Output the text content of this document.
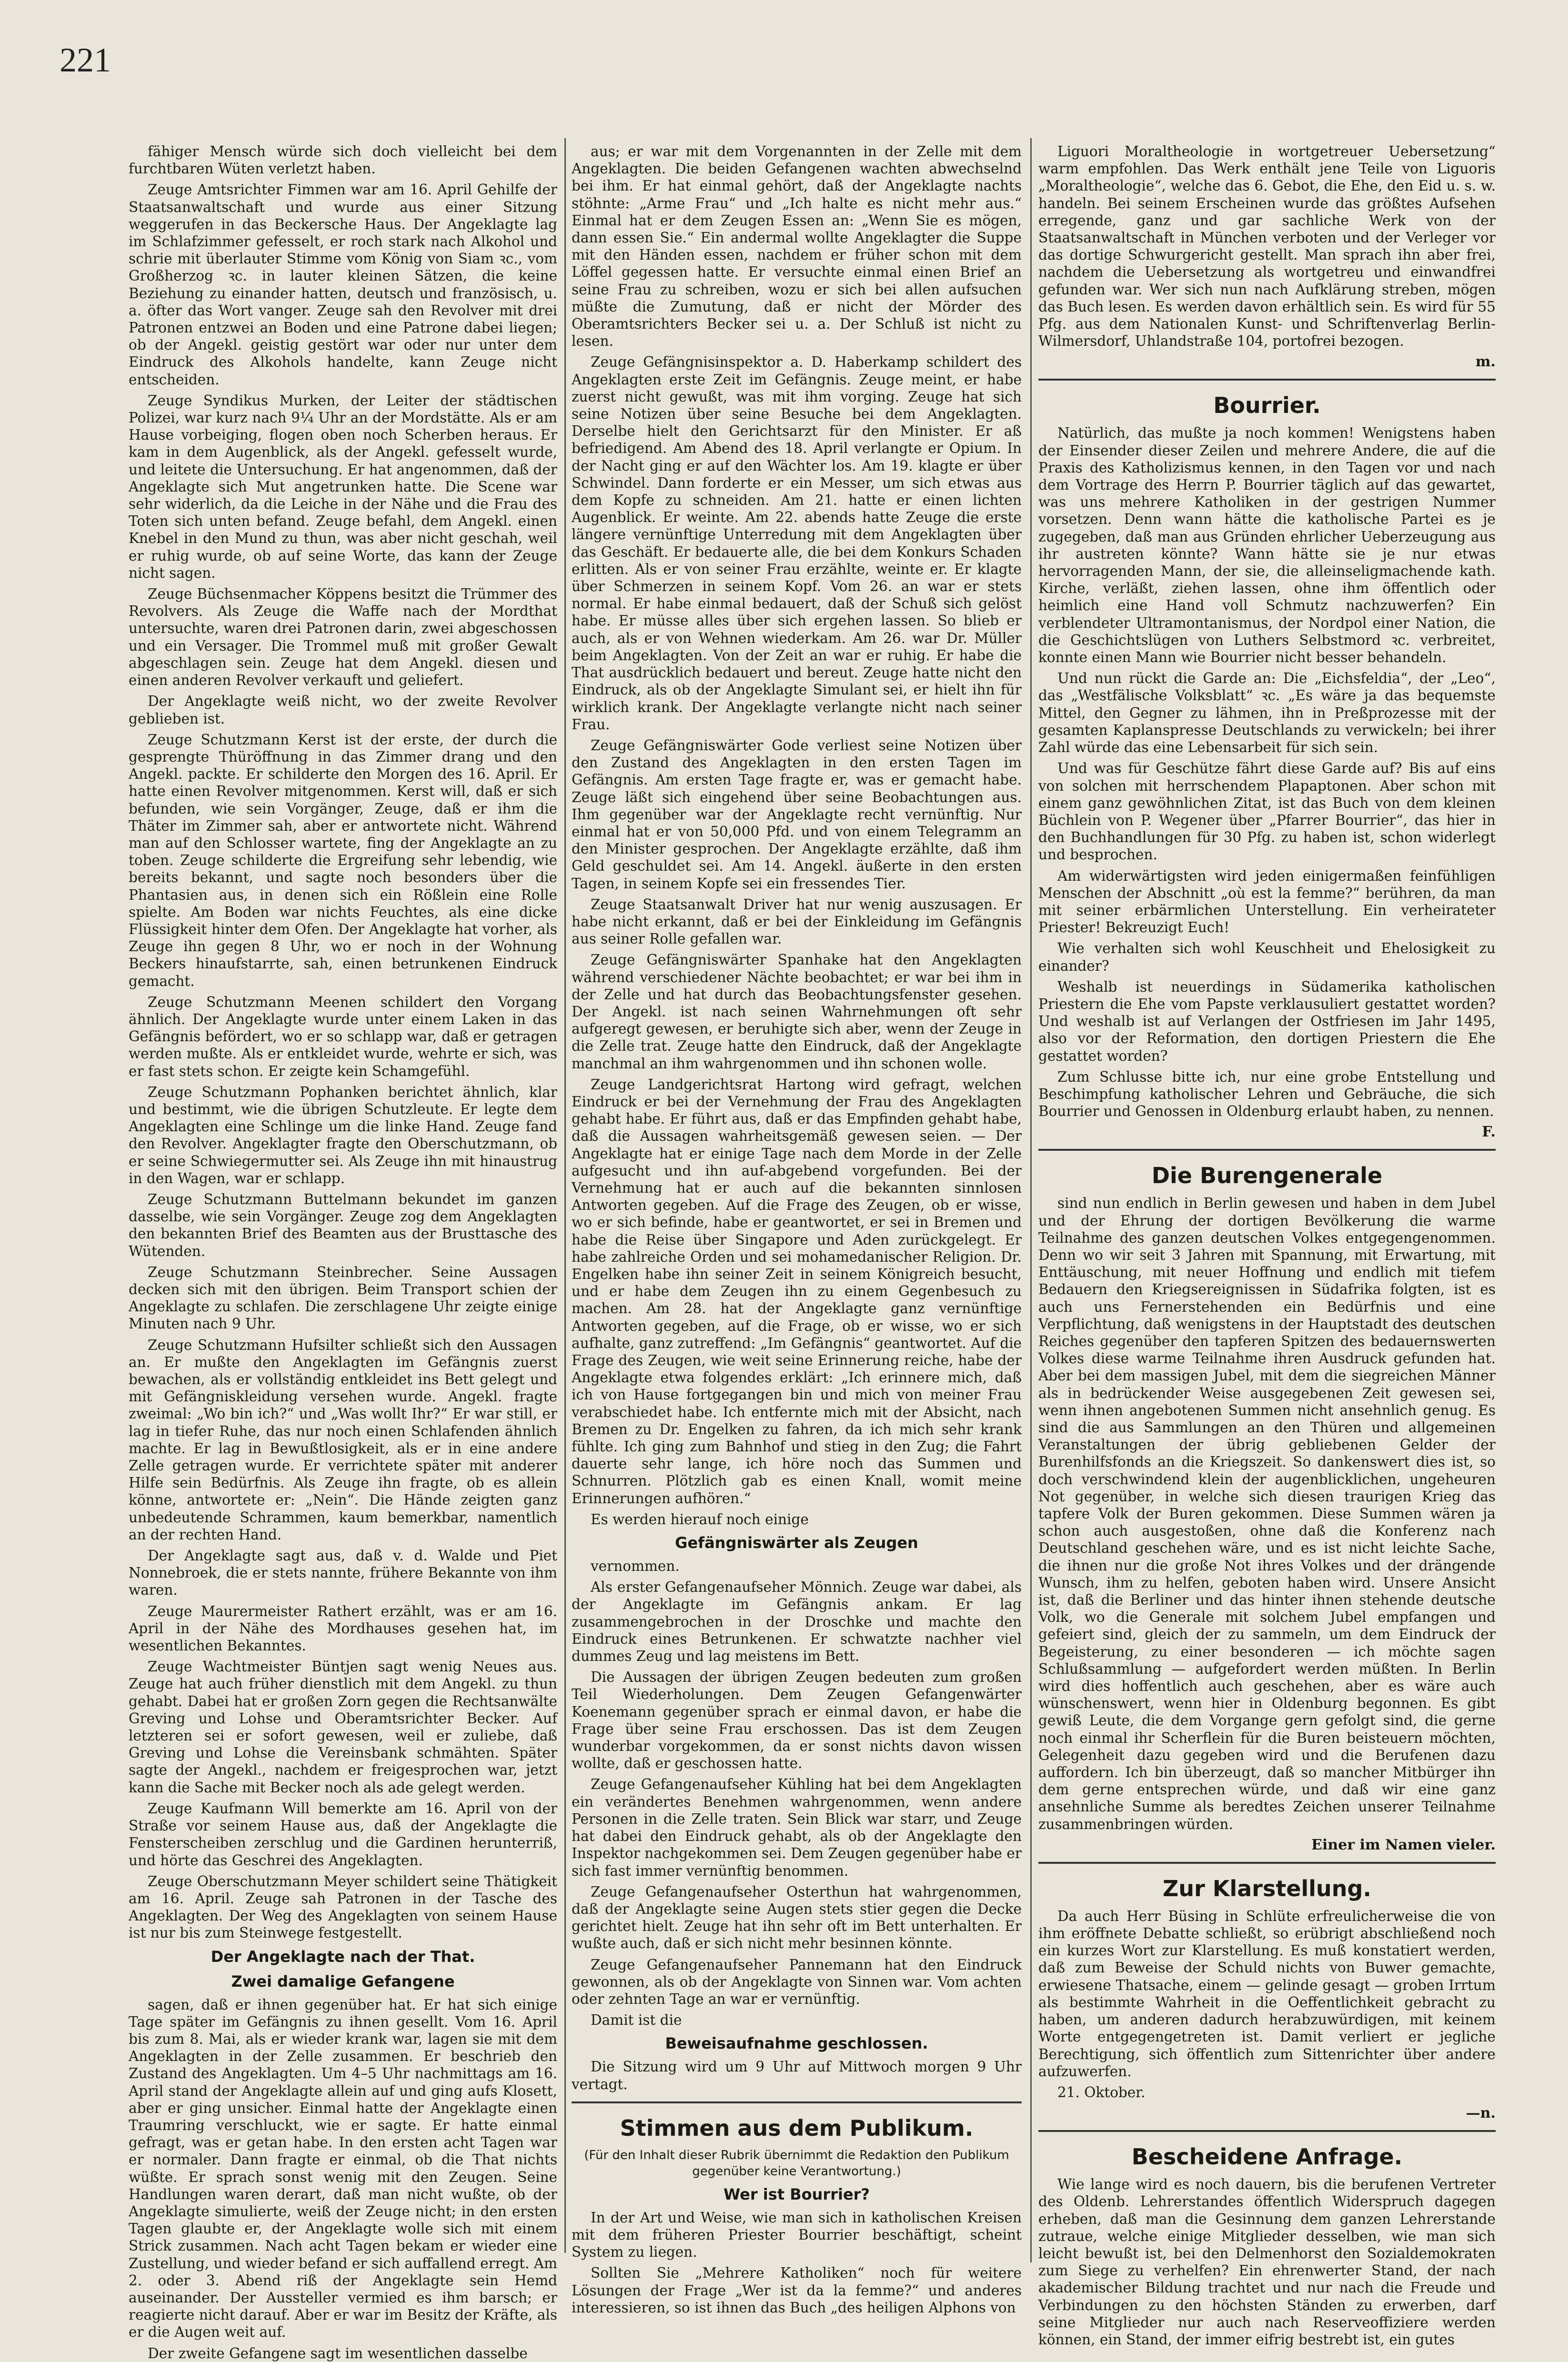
221

fähiger Mensch würde sich doch vielleicht bei dem furchtbaren Wüten verletzt haben.

Zeuge Amtsrichter Fimmen war am 16. April Gehilfe der Staatsanwaltschaft und wurde aus einer Sitzung weggerufen in das Beckersche Haus. Der Angeklagte lag im Schlafzimmer gefesselt, er roch stark nach Alkohol und schrie mit überlauter Stimme vom König von Siam ꝛc., vom Großherzog ꝛc. in lauter kleinen Sätzen, die keine Beziehung zu einander hatten, deutsch und französisch, u. a. öfter das Wort vanger. Zeuge sah den Revolver mit drei Patronen entzwei an Boden und eine Patrone dabei liegen; ob der Angekl. geistig gestört war oder nur unter dem Eindruck des Alkohols handelte, kann Zeuge nicht entscheiden.

Zeuge Syndikus Murken, der Leiter der städtischen Polizei, war kurz nach 9¼ Uhr an der Mordstätte. Als er am Hause vorbeiging, flogen oben noch Scherben heraus. Er kam in dem Augenblick, als der Angekl. gefesselt wurde, und leitete die Untersuchung. Er hat angenommen, daß der Angeklagte sich Mut angetrunken hatte. Die Scene war sehr widerlich, da die Leiche in der Nähe und die Frau des Toten sich unten befand. Zeuge befahl, dem Angekl. einen Knebel in den Mund zu thun, was aber nicht geschah, weil er ruhig wurde, ob auf seine Worte, das kann der Zeuge nicht sagen.

Zeuge Büchsenmacher Köppens besitzt die Trümmer des Revolvers. Als Zeuge die Waffe nach der Mordthat untersuchte, waren drei Patronen darin, zwei abgeschossen und ein Versager. Die Trommel muß mit großer Gewalt abgeschlagen sein. Zeuge hat dem Angekl. diesen und einen anderen Revolver verkauft und geliefert.

Der Angeklagte weiß nicht, wo der zweite Revolver geblieben ist.

Zeuge Schutzmann Kerst ist der erste, der durch die gesprengte Thüröffnung in das Zimmer drang und den Angekl. packte. Er schilderte den Morgen des 16. April. Er hatte einen Revolver mitgenommen. Kerst will, daß er sich befunden, wie sein Vorgänger, Zeuge, daß er ihm die Thäter im Zimmer sah, aber er antwortete nicht. Während man auf den Schlosser wartete, fing der Angeklagte an zu toben. Zeuge schilderte die Ergreifung sehr lebendig, wie bereits bekannt, und sagte noch besonders über die Phantasien aus, in denen sich ein Rößlein eine Rolle spielte. Am Boden war nichts Feuchtes, als eine dicke Flüssigkeit hinter dem Ofen. Der Angeklagte hat vorher, als Zeuge ihn gegen 8 Uhr, wo er noch in der Wohnung Beckers hinaufstarrte, sah, einen betrunkenen Eindruck gemacht.

Zeuge Schutzmann Meenen schildert den Vorgang ähnlich. Der Angeklagte wurde unter einem Laken in das Gefängnis befördert, wo er so schlapp war, daß er getragen werden mußte. Als er entkleidet wurde, wehrte er sich, was er fast stets schon. Er zeigte kein Schamgefühl.

Zeuge Schutzmann Pophanken berichtet ähnlich, klar und bestimmt, wie die übrigen Schutzleute. Er legte dem Angeklagten eine Schlinge um die linke Hand. Zeuge fand den Revolver. Angeklagter fragte den Oberschutzmann, ob er seine Schwiegermutter sei. Als Zeuge ihn mit hinaustrug in den Wagen, war er schlapp.

Zeuge Schutzmann Buttelmann bekundet im ganzen dasselbe, wie sein Vorgänger. Zeuge zog dem Angeklagten den bekannten Brief des Beamten aus der Brusttasche des Wütenden.

Zeuge Schutzmann Steinbrecher. Seine Aussagen decken sich mit den übrigen. Beim Transport schien der Angeklagte zu schlafen. Die zerschlagene Uhr zeigte einige Minuten nach 9 Uhr.

Zeuge Schutzmann Hufsilter schließt sich den Aussagen an. Er mußte den Angeklagten im Gefängnis zuerst bewachen, als er vollständig entkleidet ins Bett gelegt und mit Gefängniskleidung versehen wurde. Angekl. fragte zweimal: „Wo bin ich?“ und „Was wollt Ihr?“ Er war still, er lag in tiefer Ruhe, das nur noch einen Schlafenden ähnlich machte. Er lag in Bewußtlosigkeit, als er in eine andere Zelle getragen wurde. Er verrichtete später mit anderer Hilfe sein Bedürfnis. Als Zeuge ihn fragte, ob es allein könne, antwortete er: „Nein“. Die Hände zeigten ganz unbedeutende Schrammen, kaum bemerkbar, namentlich an der rechten Hand.

Der Angeklagte sagt aus, daß v. d. Walde und Piet Nonnebroek, die er stets nannte, frühere Bekannte von ihm waren.

Zeuge Maurermeister Rathert erzählt, was er am 16. April in der Nähe des Mordhauses gesehen hat, im wesentlichen Bekanntes.

Zeuge Wachtmeister Büntjen sagt wenig Neues aus. Zeuge hat auch früher dienstlich mit dem Angekl. zu thun gehabt. Dabei hat er großen Zorn gegen die Rechtsanwälte Greving und Lohse und Oberamtsrichter Becker. Auf letzteren sei er sofort gewesen, weil er zuliebe, daß Greving und Lohse die Vereinsbank schmähten. Später sagte der Angekl., nachdem er freigesprochen war, jetzt kann die Sache mit Becker noch als ade gelegt werden.

Zeuge Kaufmann Will bemerkte am 16. April von der Straße vor seinem Hause aus, daß der Angeklagte die Fensterscheiben zerschlug und die Gardinen herunterriß, und hörte das Geschrei des Angeklagten.

Zeuge Oberschutzmann Meyer schildert seine Thätigkeit am 16. April. Zeuge sah Patronen in der Tasche des Angeklagten. Der Weg des Angeklagten von seinem Hause ist nur bis zum Steinwege festgestellt.

Der Angeklagte nach der That.
Zwei damalige Gefangene

sagen, daß er ihnen gegenüber hat. Er hat sich einige Tage später im Gefängnis zu ihnen gesellt. Vom 16. April bis zum 8. Mai, als er wieder krank war, lagen sie mit dem Angeklagten in der Zelle zusammen. Er beschrieb den Zustand des Angeklagten. Um 4–5 Uhr nachmittags am 16. April stand der Angeklagte allein auf und ging aufs Klosett, aber er ging unsicher. Einmal hatte der Angeklagte einen Traumring verschluckt, wie er sagte. Er hatte einmal gefragt, was er getan habe. In den ersten acht Tagen war er normaler. Dann fragte er einmal, ob die That nichts wüßte. Er sprach sonst wenig mit den Zeugen. Seine Handlungen waren derart, daß man nicht wußte, ob der Angeklagte simulierte, weiß der Zeuge nicht; in den ersten Tagen glaubte er, der Angeklagte wolle sich mit einem Strick zusammen. Nach acht Tagen bekam er wieder eine Zustellung, und wieder befand er sich auffallend erregt. Am 2. oder 3. Abend riß der Angeklagte sein Hemd auseinander. Der Aussteller vermied es ihm barsch; er reagierte nicht darauf. Aber er war im Besitz der Kräfte, als er die Augen weit auf.

Der zweite Gefangene sagt im wesentlichen dasselbe

aus; er war mit dem Vorgenannten in der Zelle mit dem Angeklagten. Die beiden Gefangenen wachten abwechselnd bei ihm. Er hat einmal gehört, daß der Angeklagte nachts stöhnte: „Arme Frau“ und „Ich halte es nicht mehr aus.“ Einmal hat er dem Zeugen Essen an: „Wenn Sie es mögen, dann essen Sie.“ Ein andermal wollte Angeklagter die Suppe mit den Händen essen, nachdem er früher schon mit dem Löffel gegessen hatte. Er versuchte einmal einen Brief an seine Frau zu schreiben, wozu er sich bei allen aufsuchen müßte die Zumutung, daß er nicht der Mörder des Oberamtsrichters Becker sei u. a. Der Schluß ist nicht zu lesen.

Zeuge Gefängnisinspektor a. D. Haberkamp schildert des Angeklagten erste Zeit im Gefängnis. Zeuge meint, er habe zuerst nicht gewußt, was mit ihm vorging. Zeuge hat sich seine Notizen über seine Besuche bei dem Angeklagten. Derselbe hielt den Gerichtsarzt für den Minister. Er aß befriedigend. Am Abend des 18. April verlangte er Opium. In der Nacht ging er auf den Wächter los. Am 19. klagte er über Schwindel. Dann forderte er ein Messer, um sich etwas aus dem Kopfe zu schneiden. Am 21. hatte er einen lichten Augenblick. Er weinte. Am 22. abends hatte Zeuge die erste längere vernünftige Unterredung mit dem Angeklagten über das Geschäft. Er bedauerte alle, die bei dem Konkurs Schaden erlitten. Als er von seiner Frau erzählte, weinte er. Er klagte über Schmerzen in seinem Kopf. Vom 26. an war er stets normal. Er habe einmal bedauert, daß der Schuß sich gelöst habe. Er müsse alles über sich ergehen lassen. So blieb er auch, als er von Wehnen wiederkam. Am 26. war Dr. Müller beim Angeklagten. Von der Zeit an war er ruhig. Er habe die That ausdrücklich bedauert und bereut. Zeuge hatte nicht den Eindruck, als ob der Angeklagte Simulant sei, er hielt ihn für wirklich krank. Der Angeklagte verlangte nicht nach seiner Frau.

Zeuge Gefängniswärter Gode verliest seine Notizen über den Zustand des Angeklagten in den ersten Tagen im Gefängnis. Am ersten Tage fragte er, was er gemacht habe. Zeuge läßt sich eingehend über seine Beobachtungen aus. Ihm gegenüber war der Angeklagte recht vernünftig. Nur einmal hat er von 50,000 Pfd. und von einem Telegramm an den Minister gesprochen. Der Angeklagte erzählte, daß ihm Geld geschuldet sei. Am 14. Angekl. äußerte in den ersten Tagen, in seinem Kopfe sei ein fressendes Tier.

Zeuge Staatsanwalt Driver hat nur wenig auszusagen. Er habe nicht erkannt, daß er bei der Einkleidung im Gefängnis aus seiner Rolle gefallen war.

Zeuge Gefängniswärter Spanhake hat den Angeklagten während verschiedener Nächte beobachtet; er war bei ihm in der Zelle und hat durch das Beobachtungsfenster gesehen. Der Angekl. ist nach seinen Wahrnehmungen oft sehr aufgeregt gewesen, er beruhigte sich aber, wenn der Zeuge in die Zelle trat. Zeuge hatte den Eindruck, daß der Angeklagte manchmal an ihm wahrgenommen und ihn schonen wolle.

Zeuge Landgerichtsrat Hartong wird gefragt, welchen Eindruck er bei der Vernehmung der Frau des Angeklagten gehabt habe. Er führt aus, daß er das Empfinden gehabt habe, daß die Aussagen wahrheitsgemäß gewesen seien. — Der Angeklagte hat er einige Tage nach dem Morde in der Zelle aufgesucht und ihn auf-abgebend vorgefunden. Bei der Vernehmung hat er auch auf die bekannten sinnlosen Antworten gegeben. Auf die Frage des Zeugen, ob er wisse, wo er sich befinde, habe er geantwortet, er sei in Bremen und habe die Reise über Singapore und Aden zurückgelegt. Er habe zahlreiche Orden und sei mohamedanischer Religion. Dr. Engelken habe ihn seiner Zeit in seinem Königreich besucht, und er habe dem Zeugen ihn zu einem Gegenbesuch zu machen. Am 28. hat der Angeklagte ganz vernünftige Antworten gegeben, auf die Frage, ob er wisse, wo er sich aufhalte, ganz zutreffend: „Im Gefängnis“ geantwortet. Auf die Frage des Zeugen, wie weit seine Erinnerung reiche, habe der Angeklagte etwa folgendes erklärt: „Ich erinnere mich, daß ich von Hause fortgegangen bin und mich von meiner Frau verabschiedet habe. Ich entfernte mich mit der Absicht, nach Bremen zu Dr. Engelken zu fahren, da ich mich sehr krank fühlte. Ich ging zum Bahnhof und stieg in den Zug; die Fahrt dauerte sehr lange, ich höre noch das Summen und Schnurren. Plötzlich gab es einen Knall, womit meine Erinnerungen aufhören.“

Es werden hierauf noch einige

Gefängniswärter als Zeugen

vernommen.

Als erster Gefangenaufseher Mönnich. Zeuge war dabei, als der Angeklagte im Gefängnis ankam. Er lag zusammengebrochen in der Droschke und machte den Eindruck eines Betrunkenen. Er schwatzte nachher viel dummes Zeug und lag meistens im Bett.

Die Aussagen der übrigen Zeugen bedeuten zum großen Teil Wiederholungen. Dem Zeugen Gefangenwärter Koenemann gegenüber sprach er einmal davon, er habe die Frage über seine Frau erschossen. Das ist dem Zeugen wunderbar vorgekommen, da er sonst nichts davon wissen wollte, daß er geschossen hatte.

Zeuge Gefangenaufseher Kühling hat bei dem Angeklagten ein verändertes Benehmen wahrgenommen, wenn andere Personen in die Zelle traten. Sein Blick war starr, und Zeuge hat dabei den Eindruck gehabt, als ob der Angeklagte den Inspektor nachgekommen sei. Dem Zeugen gegenüber habe er sich fast immer vernünftig benommen.

Zeuge Gefangenaufseher Osterthun hat wahrgenommen, daß der Angeklagte seine Augen stets stier gegen die Decke gerichtet hielt. Zeuge hat ihn sehr oft im Bett unterhalten. Er wußte auch, daß er sich nicht mehr besinnen könnte.

Zeuge Gefangenaufseher Pannemann hat den Eindruck gewonnen, als ob der Angeklagte von Sinnen war. Vom achten oder zehnten Tage an war er vernünftig.

Damit ist die

Beweisaufnahme geschlossen.

Die Sitzung wird um 9 Uhr auf Mittwoch morgen 9 Uhr vertagt.

Stimmen aus dem Publikum.
(Für den Inhalt dieser Rubrik übernimmt die Redaktion den Publikum gegenüber keine Verantwortung.)
Wer ist Bourrier?

In der Art und Weise, wie man sich in katholischen Kreisen mit dem früheren Priester Bourrier beschäftigt, scheint System zu liegen.

Sollten Sie „Mehrere Katholiken“ noch für weitere Lösungen der Frage „Wer ist da la femme?“ und anderes interessieren, so ist ihnen das Buch „des heiligen Alphons von

Liguori Moraltheologie in wortgetreuer Uebersetzung“ warm empfohlen. Das Werk enthält jene Teile von Liguoris „Moraltheologie“, welche das 6. Gebot, die Ehe, den Eid u. s. w. handeln. Bei seinem Erscheinen wurde das größtes Aufsehen erregende, ganz und gar sachliche Werk von der Staatsanwaltschaft in München verboten und der Verleger vor das dortige Schwurgericht gestellt. Man sprach ihn aber frei, nachdem die Uebersetzung als wortgetreu und einwandfrei gefunden war. Wer sich nun nach Aufklärung streben, mögen das Buch lesen. Es werden davon erhältlich sein. Es wird für 55 Pfg. aus dem Nationalen Kunst- und Schriftenverlag Berlin-Wilmersdorf, Uhlandstraße 104, portofrei bezogen.

m.
Bourrier.

Natürlich, das mußte ja noch kommen! Wenigstens haben der Einsender dieser Zeilen und mehrere Andere, die auf die Praxis des Katholizismus kennen, in den Tagen vor und nach dem Vortrage des Herrn P. Bourrier täglich auf das gewartet, was uns mehrere Katholiken in der gestrigen Nummer vorsetzen. Denn wann hätte die katholische Partei es je zugegeben, daß man aus Gründen ehrlicher Ueberzeugung aus ihr austreten könnte? Wann hätte sie je nur etwas hervorragenden Mann, der sie, die alleinseligmachende kath. Kirche, verläßt, ziehen lassen, ohne ihm öffentlich oder heimlich eine Hand voll Schmutz nachzuwerfen? Ein verblendeter Ultramontanismus, der Nordpol einer Nation, die die Geschichtslügen von Luthers Selbstmord ꝛc. verbreitet, konnte einen Mann wie Bourrier nicht besser behandeln.

Und nun rückt die Garde an: Die „Eichsfeldia“, der „Leo“, das „Westfälische Volksblatt“ ꝛc. „Es wäre ja das bequemste Mittel, den Gegner zu lähmen, ihn in Preßprozesse mit der gesamten Kaplanspresse Deutschlands zu verwickeln; bei ihrer Zahl würde das eine Lebensarbeit für sich sein.

Und was für Geschütze fährt diese Garde auf? Bis auf eins von solchen mit herrschendem Plapaptonen. Aber schon mit einem ganz gewöhnlichen Zitat, ist das Buch von dem kleinen Büchlein von P. Wegener über „Pfarrer Bourrier“, das hier in den Buchhandlungen für 30 Pfg. zu haben ist, schon widerlegt und besprochen.

Am widerwärtigsten wird jeden einigermaßen feinfühligen Menschen der Abschnitt „où est la femme?“ berühren, da man mit seiner erbärmlichen Unterstellung. Ein verheirateter Priester! Bekreuzigt Euch!

Wie verhalten sich wohl Keuschheit und Ehelosigkeit zu einander?

Weshalb ist neuerdings in Südamerika katholischen Priestern die Ehe vom Papste verklausuliert gestattet worden? Und weshalb ist auf Verlangen der Ostfriesen im Jahr 1495, also vor der Reformation, den dortigen Priestern die Ehe gestattet worden?

Zum Schlusse bitte ich, nur eine grobe Entstellung und Beschimpfung katholischer Lehren und Gebräuche, die sich Bourrier und Genossen in Oldenburg erlaubt haben, zu nennen.

F.
Die Burengenerale

sind nun endlich in Berlin gewesen und haben in dem Jubel und der Ehrung der dortigen Bevölkerung die warme Teilnahme des ganzen deutschen Volkes entgegengenommen. Denn wo wir seit 3 Jahren mit Spannung, mit Erwartung, mit Enttäuschung, mit neuer Hoffnung und endlich mit tiefem Bedauern den Kriegsereignissen in Südafrika folgten, ist es auch uns Fernerstehenden ein Bedürfnis und eine Verpflichtung, daß wenigstens in der Hauptstadt des deutschen Reiches gegenüber den tapferen Spitzen des bedauernswerten Volkes diese warme Teilnahme ihren Ausdruck gefunden hat. Aber bei dem massigen Jubel, mit dem die siegreichen Männer als in bedrückender Weise ausgegebenen Zeit gewesen sei, wenn ihnen angebotenen Summen nicht ansehnlich genug. Es sind die aus Sammlungen an den Thüren und allgemeinen Veranstaltungen der übrig gebliebenen Gelder der Burenhilfsfonds an die Kriegszeit. So dankenswert dies ist, so doch verschwindend klein der augenblicklichen, ungeheuren Not gegenüber, in welche sich diesen traurigen Krieg das tapfere Volk der Buren gekommen. Diese Summen wären ja schon auch ausgestoßen, ohne daß die Konferenz nach Deutschland geschehen wäre, und es ist nicht leichte Sache, die ihnen nur die große Not ihres Volkes und der drängende Wunsch, ihm zu helfen, geboten haben wird. Unsere Ansicht ist, daß die Berliner und das hinter ihnen stehende deutsche Volk, wo die Generale mit solchem Jubel empfangen und gefeiert sind, gleich der zu sammeln, um dem Eindruck der Begeisterung, zu einer besonderen — ich möchte sagen Schlußsammlung — aufgefordert werden müßten. In Berlin wird dies hoffentlich auch geschehen, aber es wäre auch wünschenswert, wenn hier in Oldenburg begonnen. Es gibt gewiß Leute, die dem Vorgange gern gefolgt sind, die gerne noch einmal ihr Scherflein für die Buren beisteuern möchten, Gelegenheit dazu gegeben wird und die Berufenen dazu auffordern. Ich bin überzeugt, daß so mancher Mitbürger ihn dem gerne entsprechen würde, und daß wir eine ganz ansehnliche Summe als beredtes Zeichen unserer Teilnahme zusammenbringen würden.

Einer im Namen vieler.
Zur Klarstellung.

Da auch Herr Büsing in Schlüte erfreulicherweise die von ihm eröffnete Debatte schließt, so erübrigt abschließend noch ein kurzes Wort zur Klarstellung. Es muß konstatiert werden, daß zum Beweise der Schuld nichts von Buwer gemachte, erwiesene Thatsache, einem — gelinde gesagt — groben Irrtum als bestimmte Wahrheit in die Oeffentlichkeit gebracht zu haben, um anderen dadurch herabzuwürdigen, mit keinem Worte entgegengetreten ist. Damit verliert er jegliche Berechtigung, sich öffentlich zum Sittenrichter über andere aufzuwerfen.

21. Oktober.

—n.
Bescheidene Anfrage.

Wie lange wird es noch dauern, bis die berufenen Vertreter des Oldenb. Lehrerstandes öffentlich Widerspruch dagegen erheben, daß man die Gesinnung dem ganzen Lehrerstande zutraue, welche einige Mitglieder desselben, wie man sich leicht bewußt ist, bei den Delmenhorst den Sozialdemokraten zum Siege zu verhelfen? Ein ehrenwerter Stand, der nach akademischer Bildung trachtet und nur nach die Freude und Verbindungen zu den höchsten Ständen zu erwerben, darf seine Mitglieder nur auch nach Reserveoffiziere werden können, ein Stand, der immer eifrig bestrebt ist, ein gutes
